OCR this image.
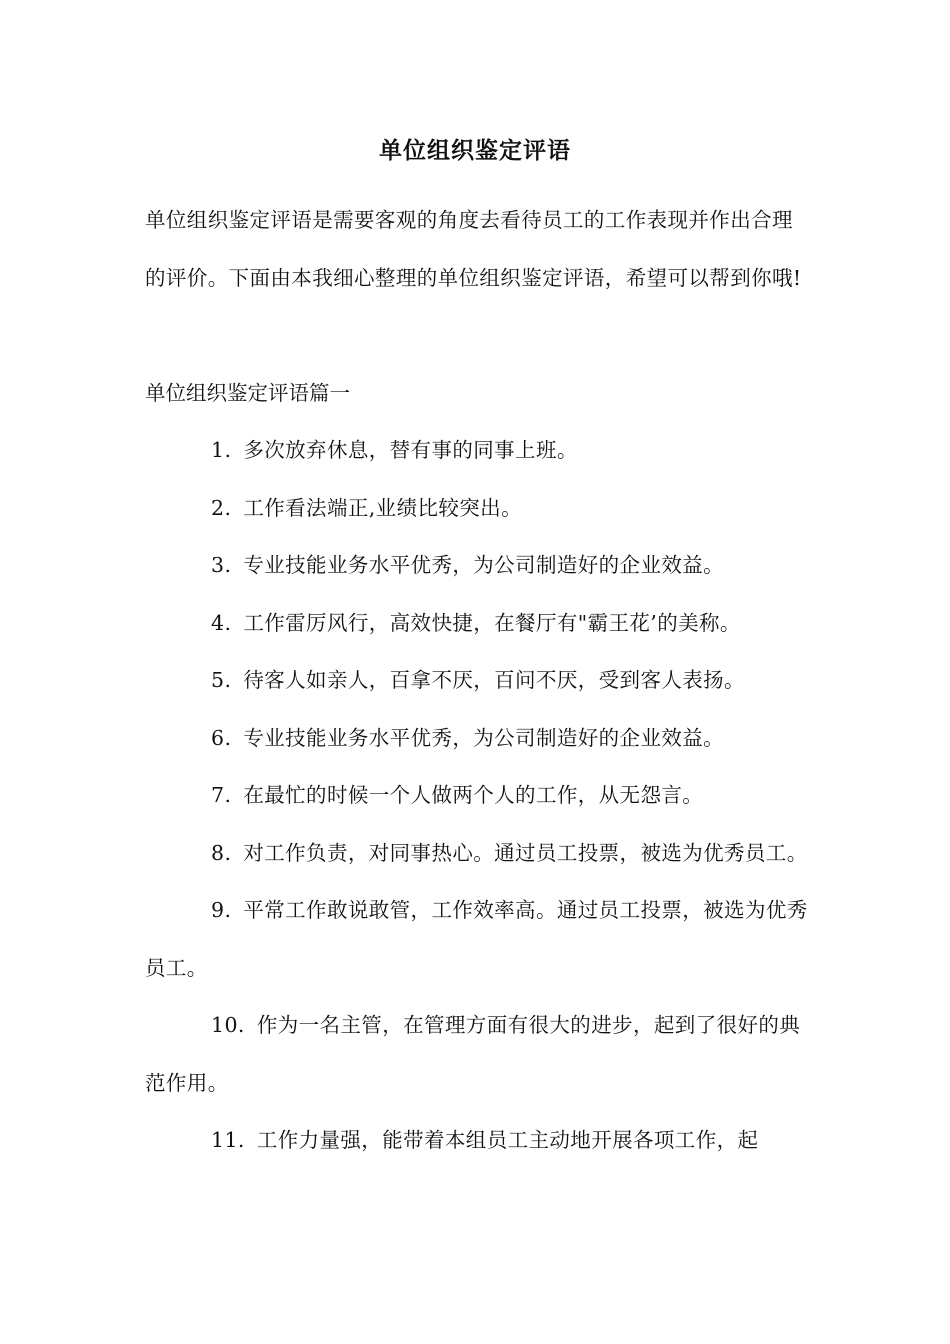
单位组织鉴定评语
单位组织鉴定评语是需要客观的角度去看待员工的工作表现并作出合理的评价。下面由本我细心整理的单位组织鉴定评语，希望可以帮到你哦!
单位组织鉴定评语篇一
1. 多次放弃休息，替有事的同事上班。
2. 工作看法端正,业绩比较突出。
3. 专业技能业务水平优秀，为公司制造好的企业效益。
4. 工作雷厉风行，高效快捷，在餐厅有"霸王花’的美称。
5. 待客人如亲人，百拿不厌，百问不厌，受到客人表扬。
6. 专业技能业务水平优秀，为公司制造好的企业效益。
7. 在最忙的时候一个人做两个人的工作，从无怨言。
8. 对工作负责，对同事热心。通过员工投票，被选为优秀员工。
9. 平常工作敢说敢管，工作效率高。通过员工投票，被选为优秀员工。
10. 作为一名主管，在管理方面有很大的进步，起到了很好的典范作用。
11. 工作力量强，能带着本组员工主动地开展各项工作，起
